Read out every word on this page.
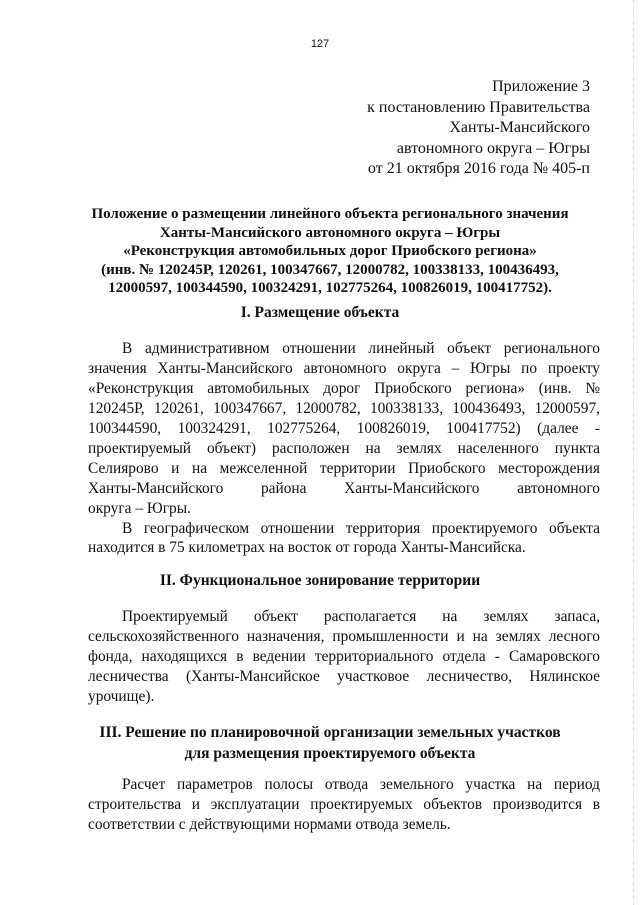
127
Приложение 3
к постановлению Правительства
Ханты-Мансийского
автономного округа – Югры
от 21 октября 2016 года № 405-п
Положение о размещении линейного объекта регионального значения
Ханты-Мансийского автономного округа – Югры
«Реконструкция автомобильных дорог Приобского региона»
(инв. № 120245Р, 120261, 100347667, 12000782, 100338133, 100436493,
12000597, 100344590, 100324291, 102775264, 100826019, 100417752).
I. Размещение объекта
В административном отношении линейный объект регионального
значения Ханты-Мансийского автономного округа – Югры по проекту
«Реконструкция автомобильных дорог Приобского региона» (инв. №
120245Р, 120261, 100347667, 12000782, 100338133, 100436493, 12000597,
100344590, 100324291, 102775264, 100826019, 100417752) (далее -
проектируемый объект) расположен на землях населенного пункта
Селиярово и на межселенной территории Приобского месторождения
Ханты-Мансийского района Ханты-Мансийского автономного
округа – Югры.
В географическом отношении территория проектируемого объекта
находится в 75 километрах на восток от города Ханты-Мансийска.
II. Функциональное зонирование территории
Проектируемый объект располагается на землях запаса,
сельскохозяйственного назначения, промышленности и на землях лесного
фонда, находящихся в ведении территориального отдела - Самаровского
лесничества (Ханты-Мансийское участковое лесничество, Нялинское
урочище).
III. Решение по планировочной организации земельных участков
для размещения проектируемого объекта
Расчет параметров полосы отвода земельного участка на период
строительства и эксплуатации проектируемых объектов производится в
соответствии с действующими нормами отвода земель.
